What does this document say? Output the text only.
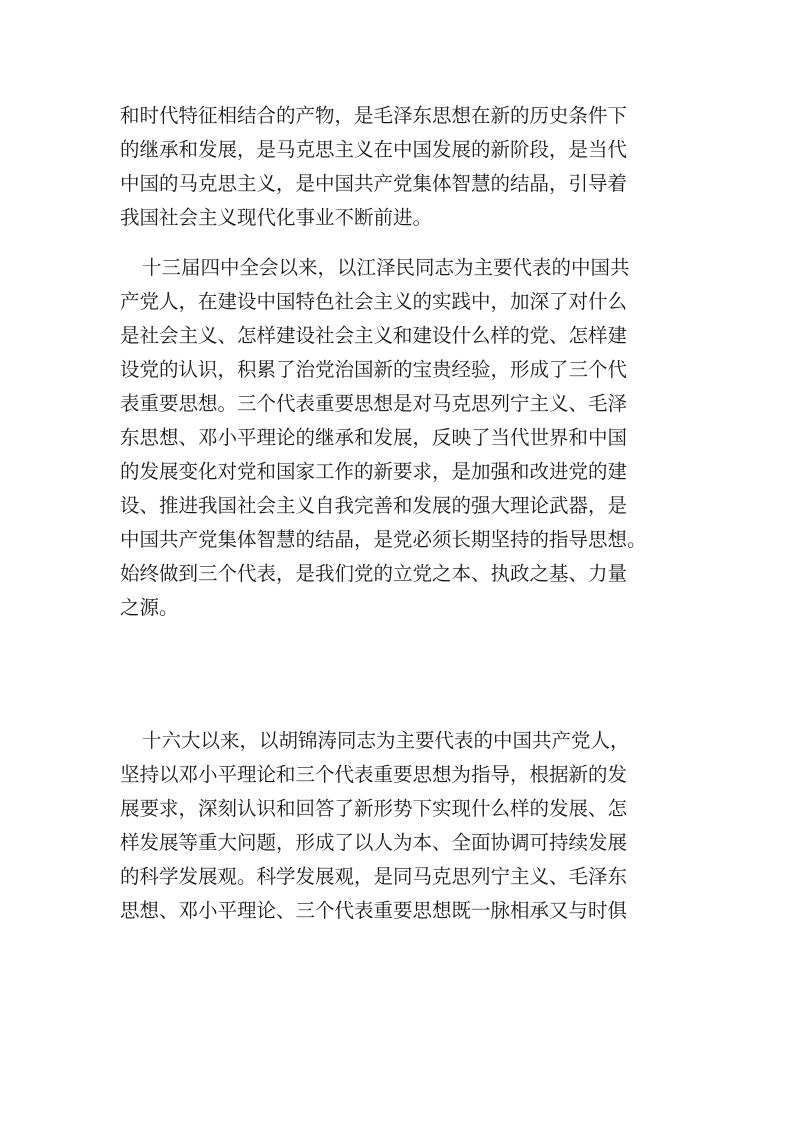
和时代特征相结合的产物，是毛泽东思想在新的历史条件下
的继承和发展，是马克思主义在中国发展的新阶段，是当代
中国的马克思主义，是中国共产党集体智慧的结晶，引导着
我国社会主义现代化事业不断前进。
十三届四中全会以来，以江泽民同志为主要代表的中国共
产党人，在建设中国特色社会主义的实践中，加深了对什么
是社会主义、怎样建设社会主义和建设什么样的党、怎样建
设党的认识，积累了治党治国新的宝贵经验，形成了三个代
表重要思想。三个代表重要思想是对马克思列宁主义、毛泽
东思想、邓小平理论的继承和发展，反映了当代世界和中国
的发展变化对党和国家工作的新要求，是加强和改进党的建
设、推进我国社会主义自我完善和发展的强大理论武器，是
中国共产党集体智慧的结晶，是党必须长期坚持的指导思想。
始终做到三个代表，是我们党的立党之本、执政之基、力量
之源。
十六大以来，以胡锦涛同志为主要代表的中国共产党人，
坚持以邓小平理论和三个代表重要思想为指导，根据新的发
展要求，深刻认识和回答了新形势下实现什么样的发展、怎
样发展等重大问题，形成了以人为本、全面协调可持续发展
的科学发展观。科学发展观，是同马克思列宁主义、毛泽东
思想、邓小平理论、三个代表重要思想既一脉相承又与时俱
